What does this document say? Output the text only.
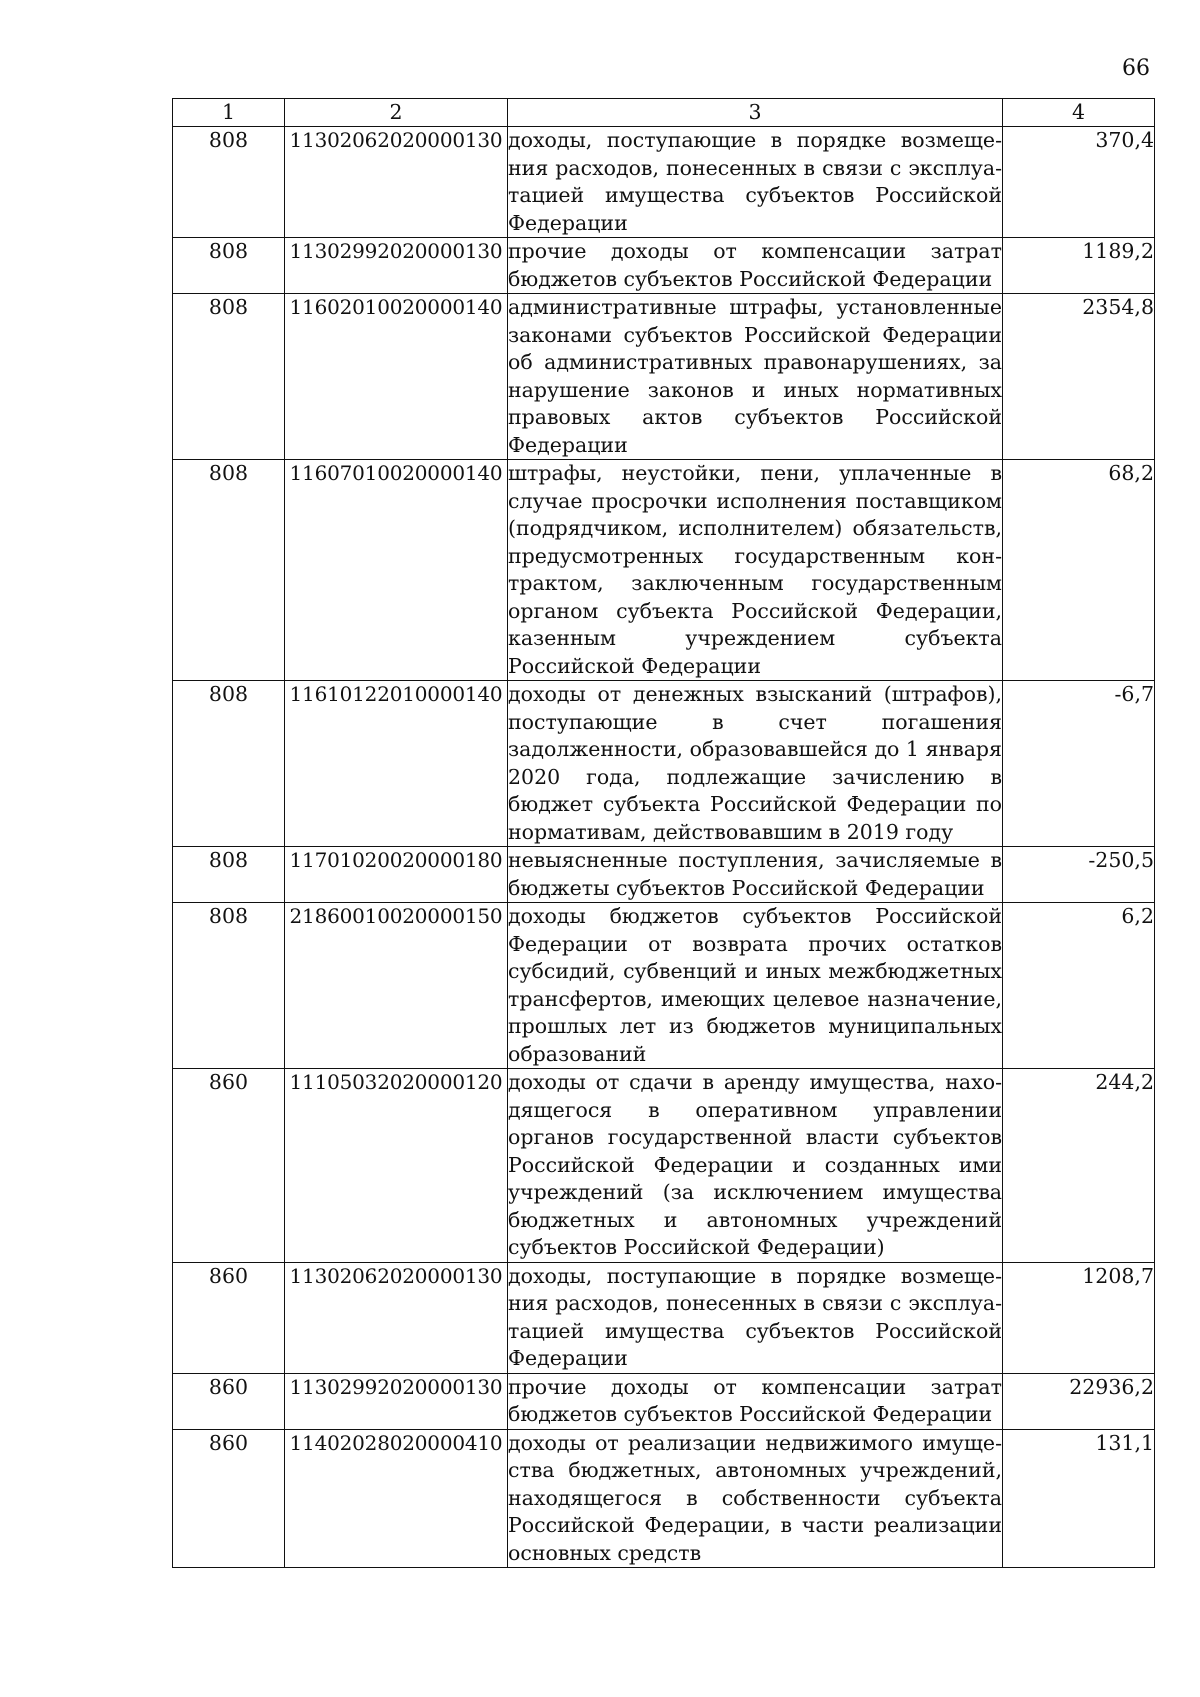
66
1	2	3	4
808	11302062020000130	доходы, поступающие в порядке возмещения расходов, понесенных в связи с эксплуатацией имущества субъектов Российской Федерации	370,4
808	11302992020000130	прочие доходы от компенсации затрат бюджетов субъектов Российской Федерации	1189,2
808	11602010020000140	административные штрафы, установленные законами субъектов Российской Федерации об административных правонарушениях, за нарушение законов и иных нормативных правовых актов субъектов Российской Федерации	2354,8
808	11607010020000140	штрафы, неустойки, пени, уплаченные в случае просрочки исполнения поставщиком (подрядчиком, исполнителем) обязательств, предусмотренных государственным контрактом, заключенным государственным органом субъекта Российской Федерации, казенным учреждением субъекта Российской Федерации	68,2
808	11610122010000140	доходы от денежных взысканий (штрафов), поступающие в счет погашения задолженности, образовавшейся до 1 января 2020 года, подлежащие зачислению в бюджет субъекта Российской Федерации по нормативам, действовавшим в 2019 году	-6,7
808	11701020020000180	невыясненные поступления, зачисляемые в бюджеты субъектов Российской Федерации	-250,5
808	21860010020000150	доходы бюджетов субъектов Российской Федерации от возврата прочих остатков субсидий, субвенций и иных межбюджетных трансфертов, имеющих целевое назначение, прошлых лет из бюджетов муниципальных образований	6,2
860	11105032020000120	доходы от сдачи в аренду имущества, находящегося в оперативном управлении органов государственной власти субъектов Российской Федерации и созданных ими учреждений (за исключением имущества бюджетных и автономных учреждений субъектов Российской Федерации)	244,2
860	11302062020000130	доходы, поступающие в порядке возмещения расходов, понесенных в связи с эксплуатацией имущества субъектов Российской Федерации	1208,7
860	11302992020000130	прочие доходы от компенсации затрат бюджетов субъектов Российской Федерации	22936,2
860	11402028020000410	доходы от реализации недвижимого имущества бюджетных, автономных учреждений, находящегося в собственности субъекта Российской Федерации, в части реализации основных средств	131,1
